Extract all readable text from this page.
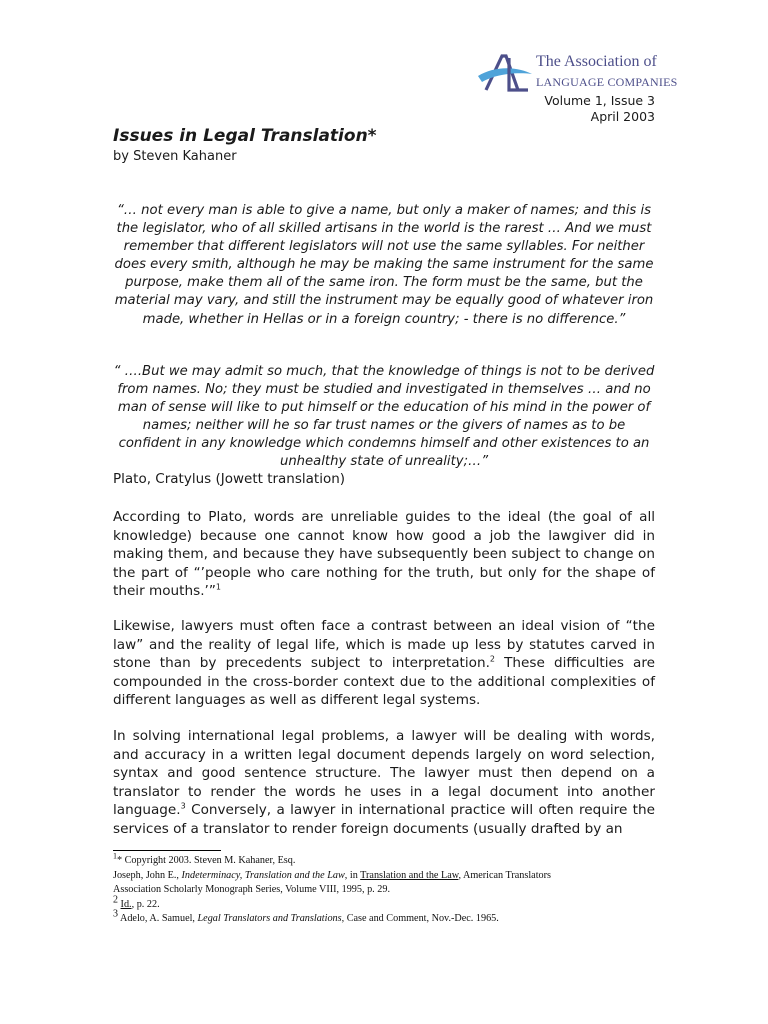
The Association of
LANGUAGE COMPANIES
Volume 1, Issue 3
April 2003
Issues in Legal Translation*
by Steven Kahaner
“… not every man is able to give a name, but only a maker of names; and this is the legislator, who of all skilled artisans in the world is the rarest … And we must remember that different legislators will not use the same syllables. For neither does every smith, although he may be making the same instrument for the same purpose, make them all of the same iron. The form must be the same, but the material may vary, and still the instrument may be equally good of whatever iron made, whether in Hellas or in a foreign country; - there is no difference.”
“ ….But we may admit so much, that the knowledge of things is not to be derived from names. No; they must be studied and investigated in themselves … and no man of sense will like to put himself or the education of his mind in the power of names; neither will he so far trust names or the givers of names as to be confident in any knowledge which condemns himself and other existences to an unhealthy state of unreality;…”
Plato, Cratylus (Jowett translation)

According to Plato, words are unreliable guides to the ideal (the goal of all knowledge) because one cannot know how good a job the lawgiver did in making them, and because they have subsequently been subject to change on the part of “’people who care nothing for the truth, but only for the shape of their mouths.’”$^1$

Likewise, lawyers must often face a contrast between an ideal vision of “the law” and the reality of legal life, which is made up less by statutes carved in stone than by precedents subject to interpretation.$^2$ These difficulties are compounded in the cross-border context due to the additional complexities of different languages as well as different legal systems.

In solving international legal problems, a lawyer will be dealing with words, and accuracy in a written legal document depends largely on word selection, syntax and good sentence structure. The lawyer must then depend on a translator to render the words he uses in a legal document into another language.$^3$ Conversely, a lawyer in international practice will often require the services of a translator to render foreign documents (usually drafted by an

$^1$* Copyright 2003. Steven M. Kahaner, Esq.

Joseph, John E., Indeterminacy, Translation and the Law, in Translation and the Law, American Translators

Association Scholarly Monograph Series, Volume VIII, 1995, p. 29.

2 Id., p. 22.

3 Adelo, A. Samuel, Legal Translators and Translations, Case and Comment, Nov.-Dec. 1965.
